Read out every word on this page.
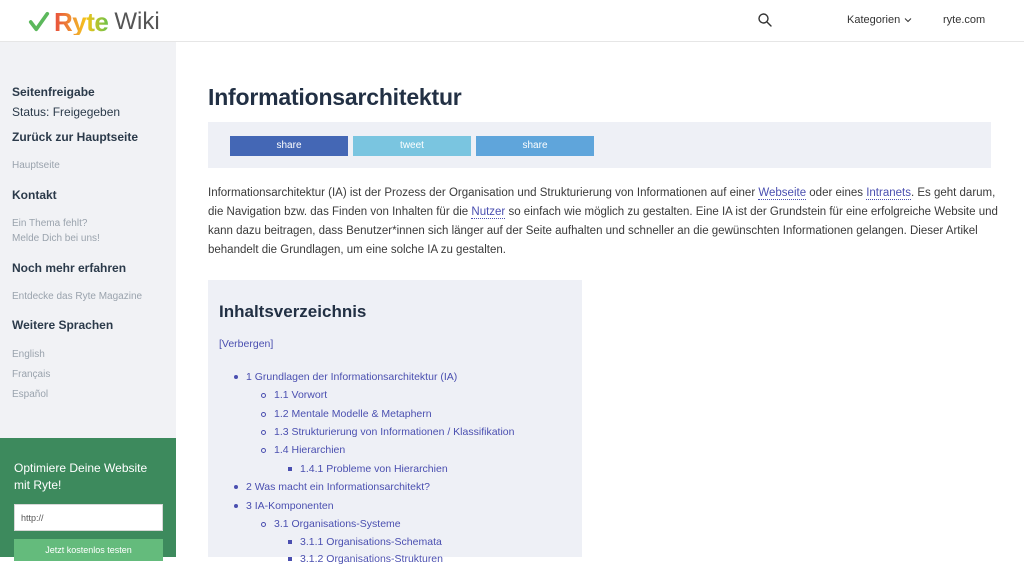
Ryte Wiki	Kategorien	ryte.com
Seitenfreigabe
Status: Freigegeben
Zurück zur Hauptseite
Hauptseite
Kontakt
Ein Thema fehlt?
Melde Dich bei uns!
Noch mehr erfahren
Entdecke das Ryte Magazine
Weitere Sprachen
English
Français
Español
Optimiere Deine Website mit Ryte!
http://
Jetzt kostenlos testen
Informationsarchitektur
share	tweet	share

Informationsarchitektur (IA) ist der Prozess der Organisation und Strukturierung von Informationen auf einer Webseite oder eines Intranets. Es geht darum, die Navigation bzw. das Finden von Inhalten für die Nutzer so einfach wie möglich zu gestalten. Eine IA ist der Grundstein für eine erfolgreiche Website und kann dazu beitragen, dass Benutzer*innen sich länger auf der Seite aufhalten und schneller an die gewünschten Informationen gelangen. Dieser Artikel behandelt die Grundlagen, um eine solche IA zu gestalten.

Inhaltsverzeichnis
[Verbergen]
1 Grundlagen der Informationsarchitektur (IA)
1.1 Vorwort
1.2 Mentale Modelle & Metaphern
1.3 Strukturierung von Informationen / Klassifikation
1.4 Hierarchien
1.4.1 Probleme von Hierarchien
2 Was macht ein Informationsarchitekt?
3 IA-Komponenten
3.1 Organisations-Systeme
3.1.1 Organisations-Schemata
3.1.2 Organisations-Strukturen
